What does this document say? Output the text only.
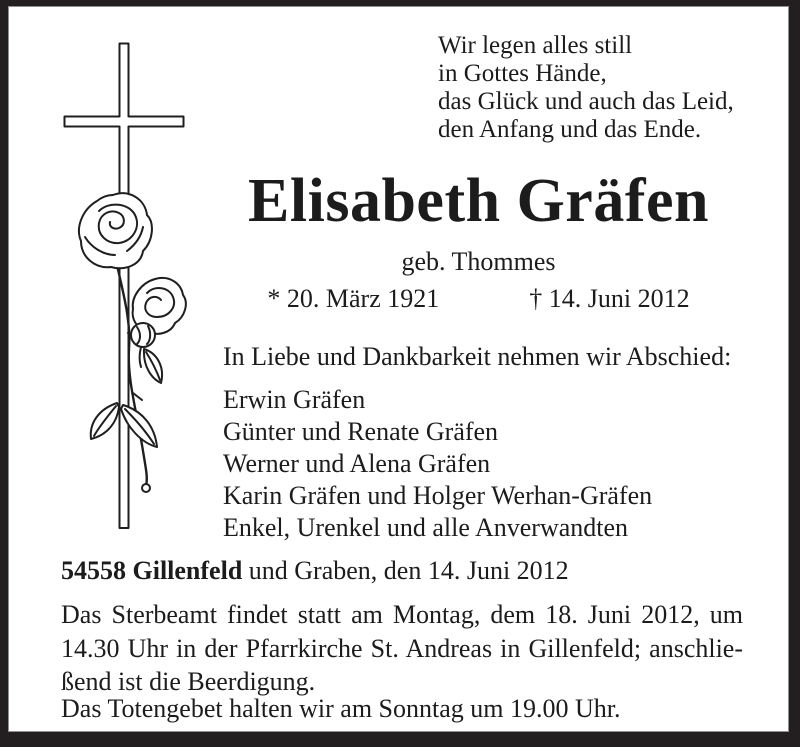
Wir legen alles still
in Gottes Hände,
das Glück und auch das Leid,
den Anfang und das Ende.
Elisabeth Gräfen
geb. Thommes
* 20. März 1921	† 14. Juni 2012
In Liebe und Dankbarkeit nehmen wir Abschied:
Erwin Gräfen
Günter und Renate Gräfen
Werner und Alena Gräfen
Karin Gräfen und Holger Werhan-Gräfen
Enkel, Urenkel und alle Anverwandten
54558 Gillenfeld und Graben, den 14. Juni 2012
Das Sterbeamt findet statt am Montag, dem 18. Juni 2012, um
14.30 Uhr in der Pfarrkirche St. Andreas in Gillenfeld; anschlie-
ßend ist die Beerdigung.
Das Totengebet halten wir am Sonntag um 19.00 Uhr.
